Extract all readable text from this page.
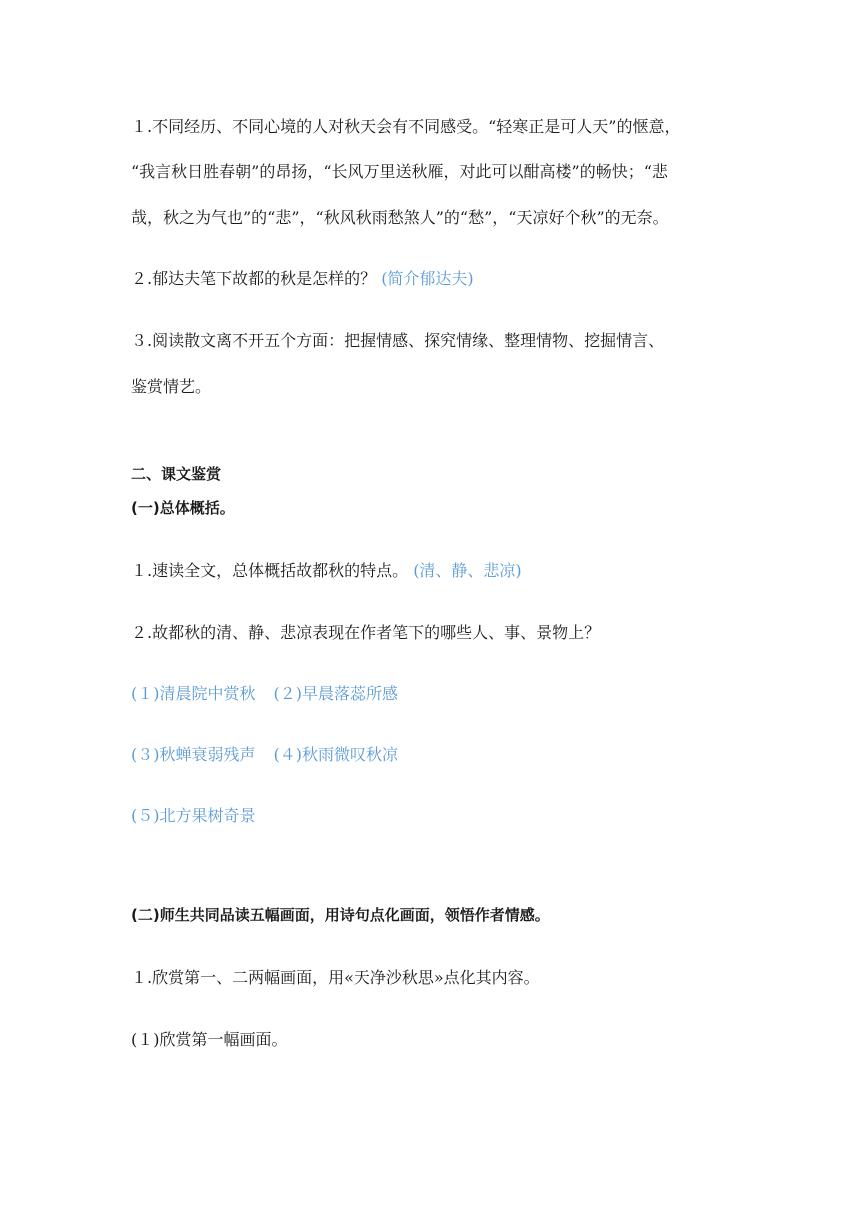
１.不同经历、不同心境的人对秋天会有不同感受。“轻寒正是可人天”的惬意，
“我言秋日胜春朝”的昂扬，“长风万里送秋雁，对此可以酣高楼”的畅快；“悲
哉，秋之为气也”的“悲”，“秋风秋雨愁煞人”的“愁”，“天凉好个秋”的无奈。
２.郁达夫笔下故都的秋是怎样的？ (简介郁达夫)
３.阅读散文离不开五个方面：把握情感、探究情缘、整理情物、挖掘情言、
鉴赏情艺。
二、课文鉴赏
(一)总体概括。
１.速读全文，总体概括故都秋的特点。 (清、静、悲凉)
２.故都秋的清、静、悲凉表现在作者笔下的哪些人、事、景物上？
(１)清晨院中赏秋 (２)早晨落蕊所感
(３)秋蝉衰弱残声 (４)秋雨微叹秋凉
(５)北方果树奇景
(二)师生共同品读五幅画面，用诗句点化画面，领悟作者情感。
１.欣赏第一、二两幅画面，用«天净沙秋思»点化其内容。
(１)欣赏第一幅画面。
